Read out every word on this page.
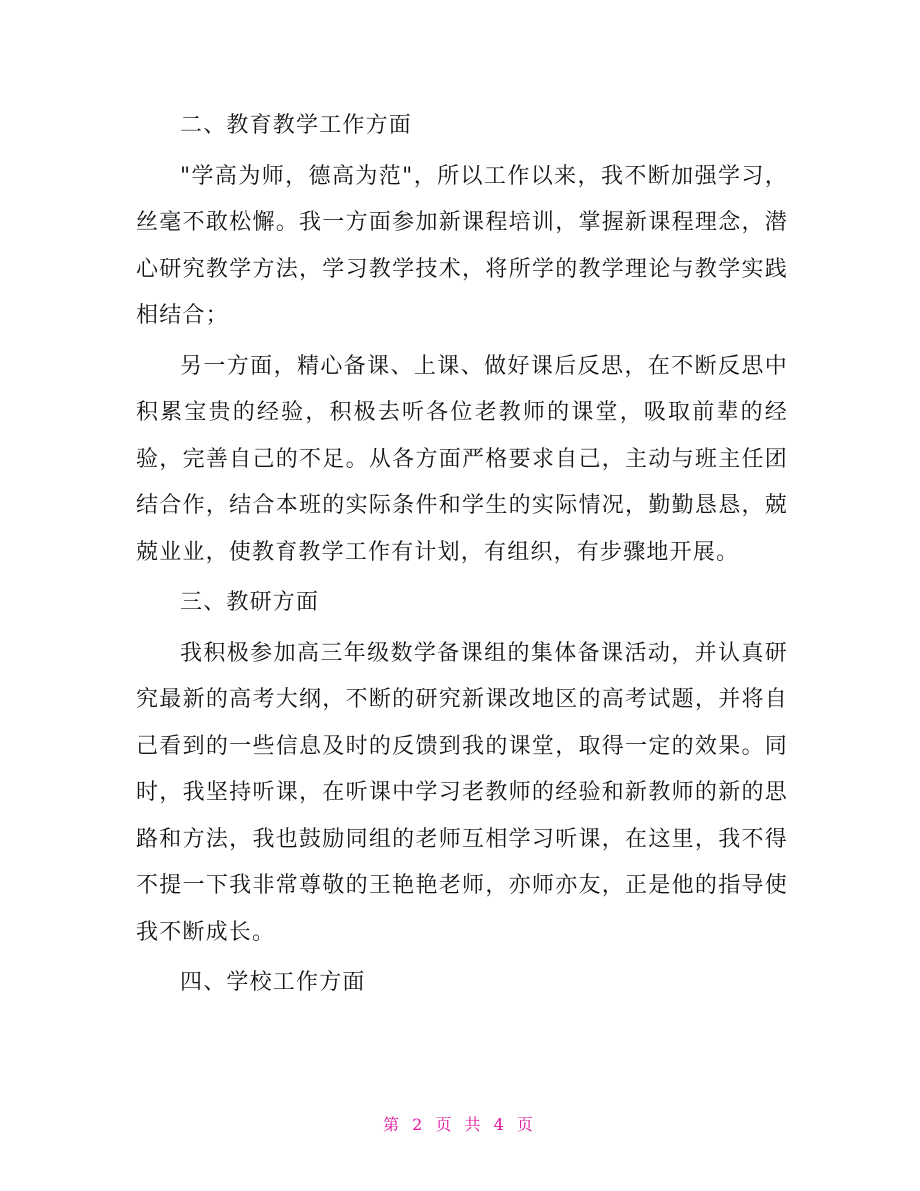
二、教育教学工作方面

"学高为师，德高为范"，所以工作以来，我不断加强学习，丝毫不敢松懈。我一方面参加新课程培训，掌握新课程理念，潜心研究教学方法，学习教学技术，将所学的教学理论与教学实践相结合；

另一方面，精心备课、上课、做好课后反思，在不断反思中积累宝贵的经验，积极去听各位老教师的课堂，吸取前辈的经验，完善自己的不足。从各方面严格要求自己，主动与班主任团结合作，结合本班的实际条件和学生的实际情况，勤勤恳恳，兢兢业业，使教育教学工作有计划，有组织，有步骤地开展。

三、教研方面

我积极参加高三年级数学备课组的集体备课活动，并认真研究最新的高考大纲，不断的研究新课改地区的高考试题，并将自己看到的一些信息及时的反馈到我的课堂，取得一定的效果。同时，我坚持听课，在听课中学习老教师的经验和新教师的新的思路和方法，我也鼓励同组的老师互相学习听课，在这里，我不得不提一下我非常尊敬的王艳艳老师，亦师亦友，正是他的指导使我不断成长。

四、学校工作方面

第 2 页 共 4 页
